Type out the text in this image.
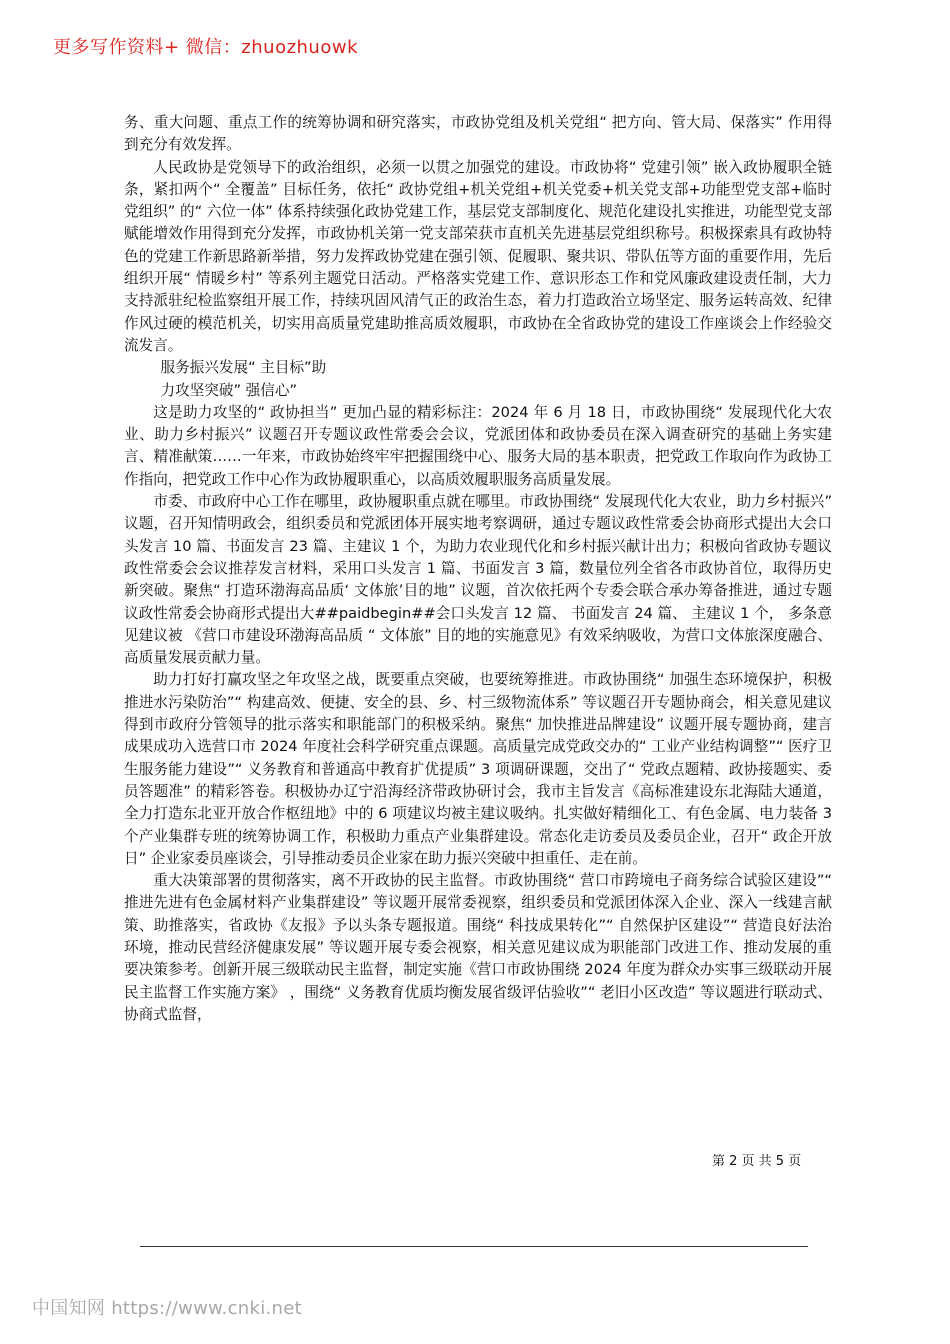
更多写作资料+ 微信：zhuozhuowk

务、重大问题、重点工作的统筹协调和研究落实，市政协党组及机关党组“ 把方向、管大局、保落实” 作用得到充分有效发挥。

人民政协是党领导下的政治组织，必须一以贯之加强党的建设。市政协将“ 党建引领” 嵌入政协履职全链条，紧扣两个“ 全覆盖” 目标任务，依托“ 政协党组+机关党组+机关党委+机关党支部+功能型党支部+临时党组织” 的“ 六位一体” 体系持续强化政协党建工作，基层党支部制度化、规范化建设扎实推进，功能型党支部赋能增效作用得到充分发挥，市政协机关第一党支部荣获市直机关先进基层党组织称号。积极探索具有政协特色的党建工作新思路新举措，努力发挥政协党建在强引领、促履职、聚共识、带队伍等方面的重要作用，先后组织开展“ 情暖乡村” 等系列主题党日活动。严格落实党建工作、意识形态工作和党风廉政建设责任制，大力支持派驻纪检监察组开展工作，持续巩固风清气正的政治生态，着力打造政治立场坚定、服务运转高效、纪律作风过硬的模范机关，切实用高质量党建助推高质效履职，市政协在全省政协党的建设工作座谈会上作经验交流发言。

服务振兴发展“ 主目标”助

力攻坚突破” 强信心”

这是助力攻坚的“ 政协担当” 更加凸显的精彩标注：2024 年 6 月 18 日，市政协围绕“ 发展现代化大农业、助力乡村振兴” 议题召开专题议政性常委会会议，党派团体和政协委员在深入调查研究的基础上务实建言、精准献策……一年来，市政协始终牢牢把握围绕中心、服务大局的基本职责，把党政工作取向作为政协工作指向，把党政工作中心作为政协履职重心，以高质效履职服务高质量发展。

市委、市政府中心工作在哪里，政协履职重点就在哪里。市政协围绕“ 发展现代化大农业，助力乡村振兴” 议题，召开知情明政会，组织委员和党派团体开展实地考察调研，通过专题议政性常委会协商形式提出大会口头发言 10 篇、书面发言 23 篇、主建议 1 个，为助力农业现代化和乡村振兴献计出力；积极向省政协专题议政性常委会会议推荐发言材料，采用口头发言 1 篇、书面发言 3 篇，数量位列全省各市政协首位，取得历史新突破。聚焦“ 打造环渤海高品质‘ 文体旅’目的地” 议题，首次依托两个专委会联合承办筹备推进，通过专题议政性常委会协商形式提出大##paidbegin##会口头发言 12 篇、 书面发言 24 篇、 主建议 1 个， 多条意见建议被 《营口市建设环渤海高品质 “ 文体旅” 目的地的实施意见》有效采纳吸收，为营口文体旅深度融合、高质量发展贡献力量。

助力打好打赢攻坚之年攻坚之战，既要重点突破，也要统筹推进。市政协围绕“ 加强生态环境保护，积极推进水污染防治”“ 构建高效、便捷、安全的县、乡、村三级物流体系” 等议题召开专题协商会，相关意见建议得到市政府分管领导的批示落实和职能部门的积极采纳。聚焦“ 加快推进品牌建设” 议题开展专题协商，建言成果成功入选营口市 2024 年度社会科学研究重点课题。高质量完成党政交办的“ 工业产业结构调整”“ 医疗卫生服务能力建设”“ 义务教育和普通高中教育扩优提质” 3 项调研课题，交出了“ 党政点题精、政协接题实、委员答题准” 的精彩答卷。积极协办辽宁沿海经济带政协研讨会，我市主旨发言《高标准建设东北海陆大通道，全力打造东北亚开放合作枢纽地》中的 6 项建议均被主建议吸纳。扎实做好精细化工、有色金属、电力装备 3 个产业集群专班的统筹协调工作，积极助力重点产业集群建设。常态化走访委员及委员企业，召开“ 政企开放日” 企业家委员座谈会，引导推动委员企业家在助力振兴突破中担重任、走在前。

重大决策部署的贯彻落实，离不开政协的民主监督。市政协围绕“ 营口市跨境电子商务综合试验区建设”“ 推进先进有色金属材料产业集群建设” 等议题开展常委视察，组织委员和党派团体深入企业、深入一线建言献策、助推落实，省政协《友报》予以头条专题报道。围绕“ 科技成果转化”“ 自然保护区建设”“ 营造良好法治环境，推动民营经济健康发展” 等议题开展专委会视察，相关意见建议成为职能部门改进工作、推动发展的重要决策参考。创新开展三级联动民主监督，制定实施《营口市政协围绕 2024 年度为群众办实事三级联动开展民主监督工作实施方案》 ，围绕“ 义务教育优质均衡发展省级评估验收”“ 老旧小区改造” 等议题进行联动式、协商式监督，

第 2 页 共 5 页
中国知网 https://www.cnki.net
